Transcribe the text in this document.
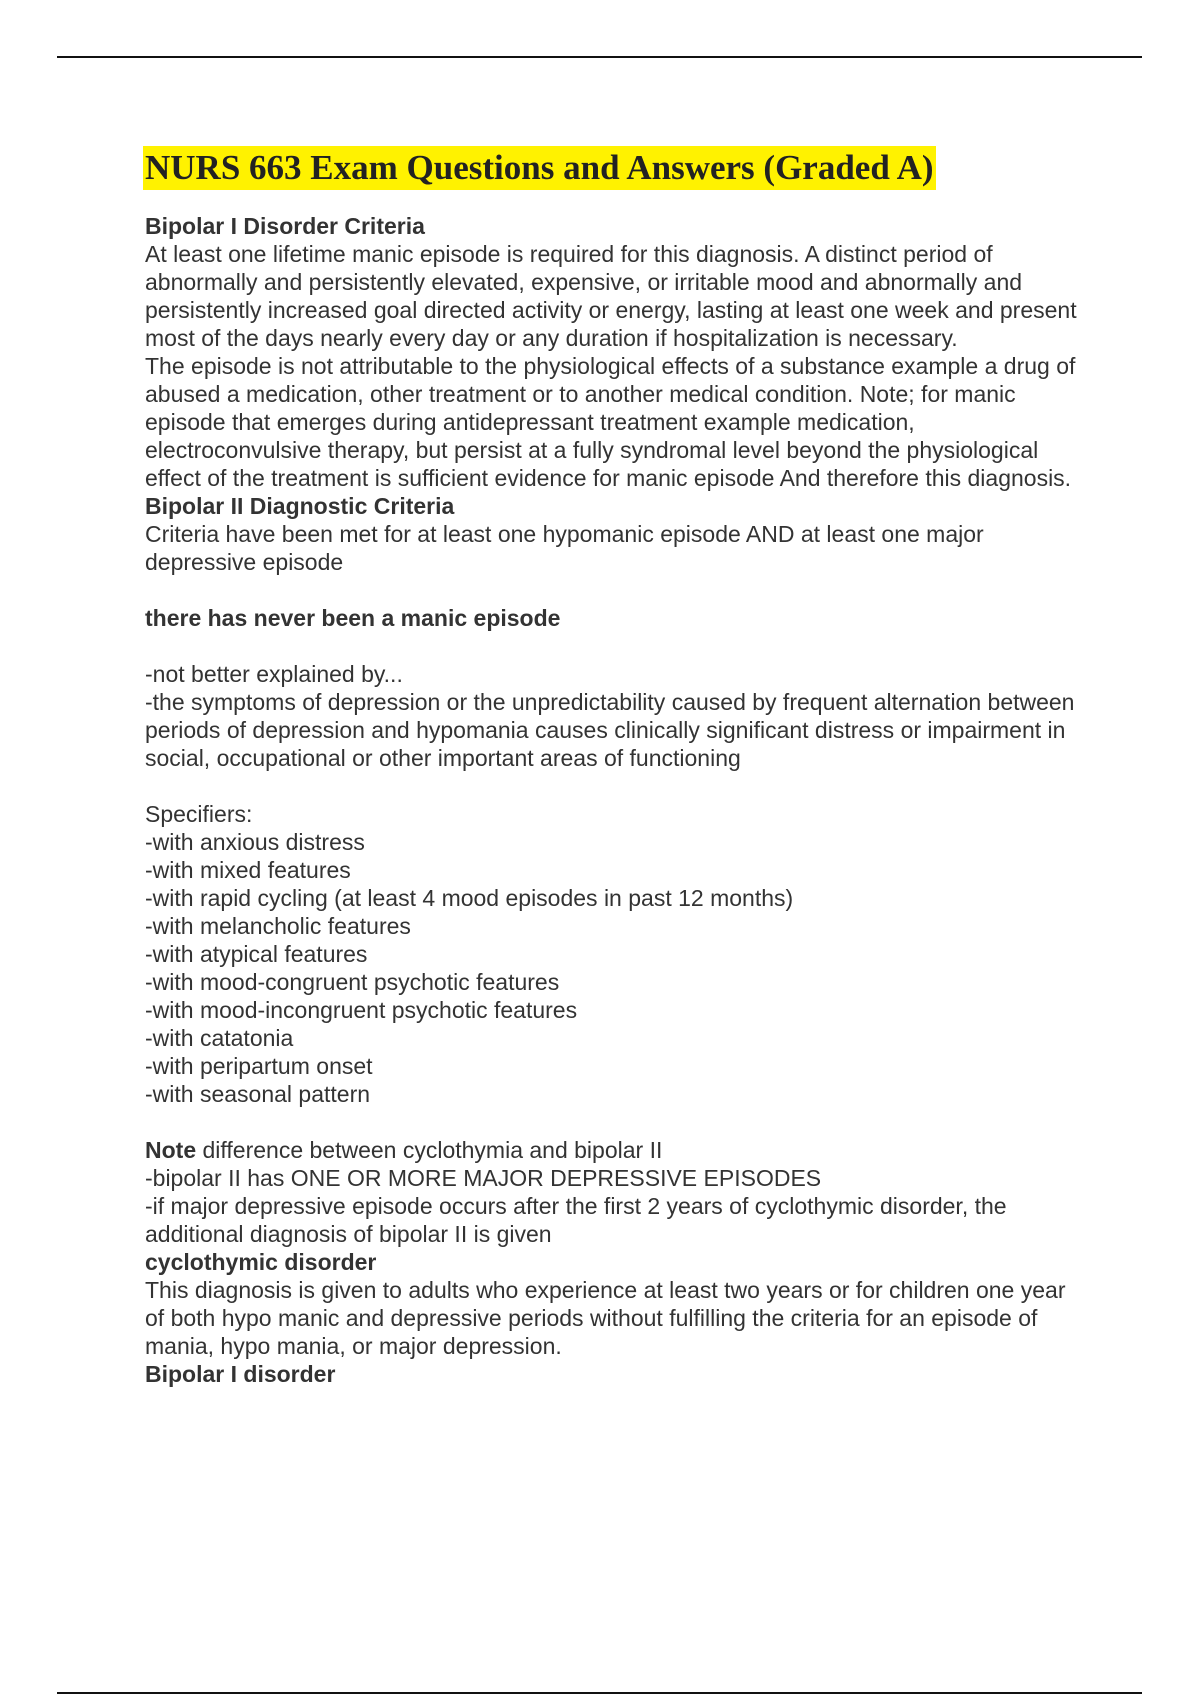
NURS 663 Exam Questions and Answers (Graded A)

Bipolar I Disorder Criteria

At least one lifetime manic episode is required for this diagnosis. A distinct period of abnormally and persistently elevated, expensive, or irritable mood and abnormally and persistently increased goal directed activity or energy, lasting at least one week and present most of the days nearly every day or any duration if hospitalization is necessary.

The episode is not attributable to the physiological effects of a substance example a drug of abused a medication, other treatment or to another medical condition. Note; for manic episode that emerges during antidepressant treatment example medication, electroconvulsive therapy, but persist at a fully syndromal level beyond the physiological effect of the treatment is sufficient evidence for manic episode And therefore this diagnosis.

Bipolar II Diagnostic Criteria

Criteria have been met for at least one hypomanic episode AND at least one major depressive episode

there has never been a manic episode

-not better explained by...

-the symptoms of depression or the unpredictability caused by frequent alternation between periods of depression and hypomania causes clinically significant distress or impairment in social, occupational or other important areas of functioning

Specifiers:

-with anxious distress

-with mixed features

-with rapid cycling (at least 4 mood episodes in past 12 months)

-with melancholic features

-with atypical features

-with mood-congruent psychotic features

-with mood-incongruent psychotic features

-with catatonia

-with peripartum onset

-with seasonal pattern

Note difference between cyclothymia and bipolar II

-bipolar II has ONE OR MORE MAJOR DEPRESSIVE EPISODES

-if major depressive episode occurs after the first 2 years of cyclothymic disorder, the additional diagnosis of bipolar II is given

cyclothymic disorder

This diagnosis is given to adults who experience at least two years or for children one year of both hypo manic and depressive periods without fulfilling the criteria for an episode of mania, hypo mania, or major depression.

Bipolar I disorder
